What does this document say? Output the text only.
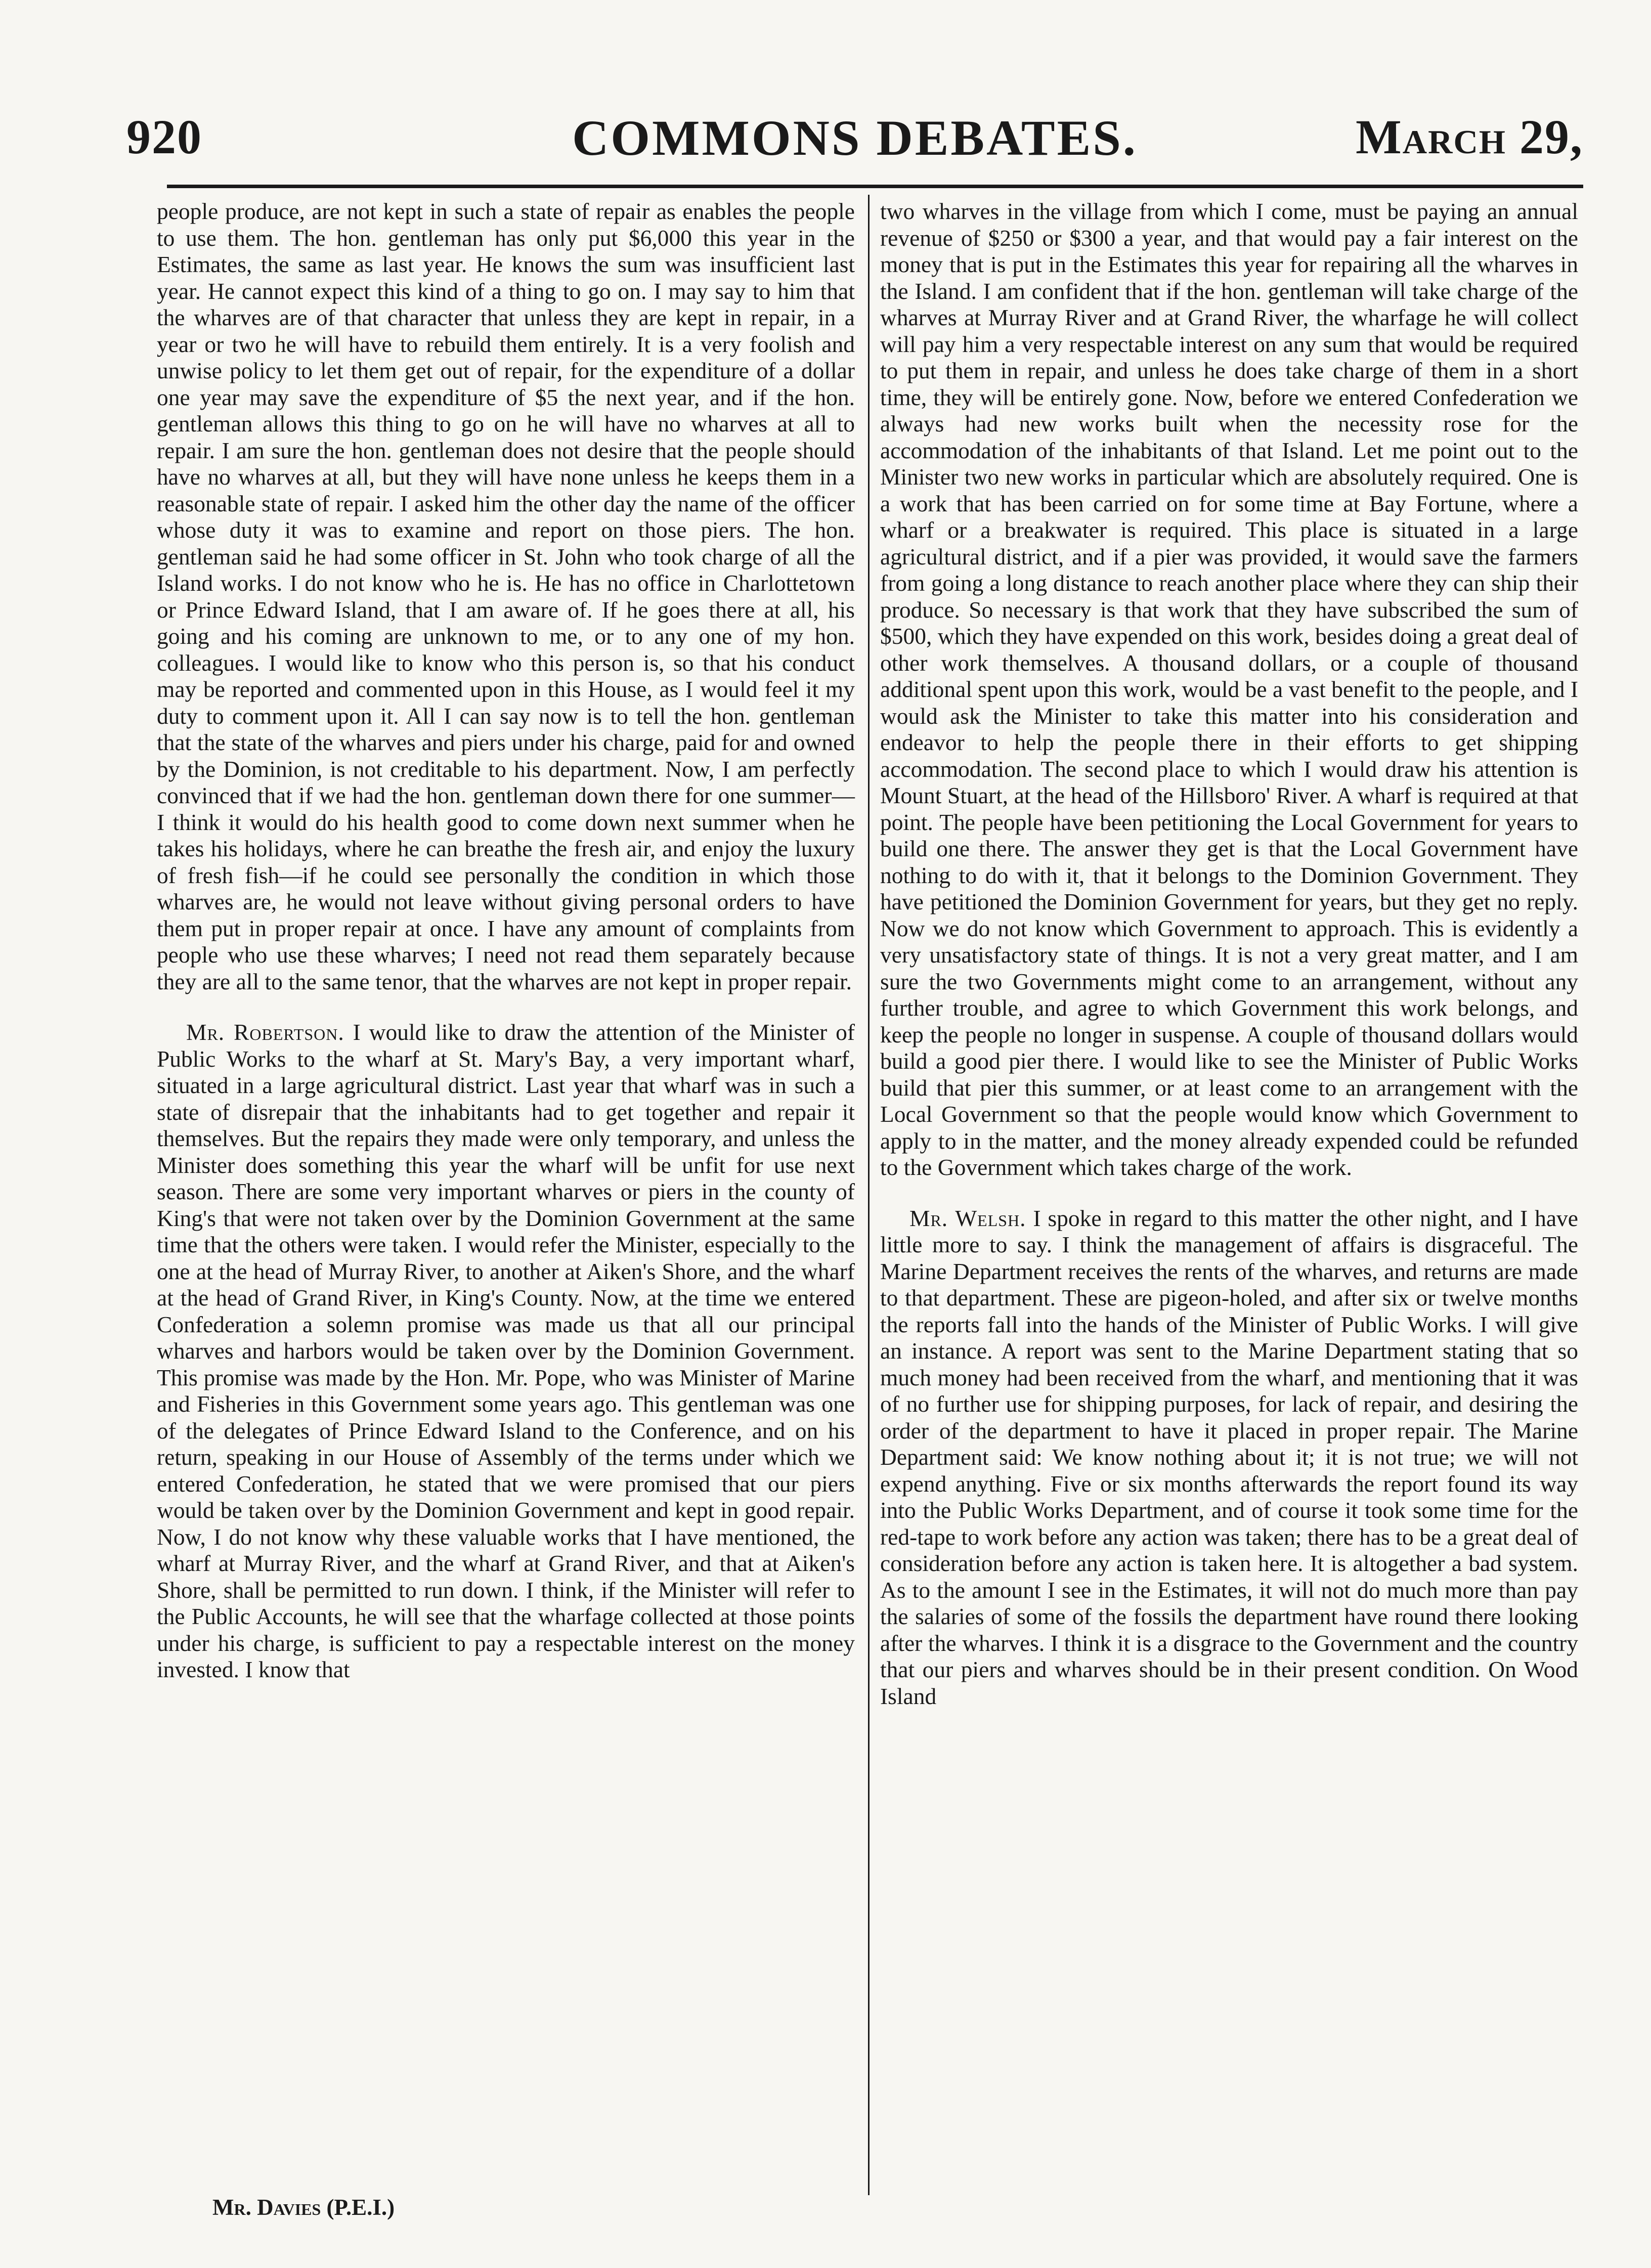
920	COMMONS DEBATES.	March 29,

people produce, are not kept in such a state of repair as enables the people to use them. The hon. gentleman has only put $6,000 this year in the Estimates, the same as last year. He knows the sum was insufficient last year. He cannot expect this kind of a thing to go on. I may say to him that the wharves are of that character that unless they are kept in repair, in a year or two he will have to rebuild them entirely. It is a very foolish and unwise policy to let them get out of repair, for the expenditure of a dollar one year may save the expenditure of $5 the next year, and if the hon. gentleman allows this thing to go on he will have no wharves at all to repair. I am sure the hon. gentleman does not desire that the people should have no wharves at all, but they will have none unless he keeps them in a reasonable state of repair. I asked him the other day the name of the officer whose duty it was to examine and report on those piers. The hon. gentleman said he had some officer in St. John who took charge of all the Island works. I do not know who he is. He has no office in Charlottetown or Prince Edward Island, that I am aware of. If he goes there at all, his going and his coming are unknown to me, or to any one of my hon. colleagues. I would like to know who this person is, so that his conduct may be reported and commented upon in this House, as I would feel it my duty to comment upon it. All I can say now is to tell the hon. gentleman that the state of the wharves and piers under his charge, paid for and owned by the Dominion, is not creditable to his department. Now, I am perfectly convinced that if we had the hon. gentleman down there for one summer—I think it would do his health good to come down next summer when he takes his holidays, where he can breathe the fresh air, and enjoy the luxury of fresh fish—if he could see personally the condition in which those wharves are, he would not leave without giving personal orders to have them put in proper repair at once. I have any amount of complaints from people who use these wharves; I need not read them separately because they are all to the same tenor, that the wharves are not kept in proper repair.

Mr. Robertson. I would like to draw the attention of the Minister of Public Works to the wharf at St. Mary's Bay, a very important wharf, situated in a large agricultural district. Last year that wharf was in such a state of disrepair that the inhabitants had to get together and repair it themselves. But the repairs they made were only temporary, and unless the Minister does something this year the wharf will be unfit for use next season. There are some very important wharves or piers in the county of King's that were not taken over by the Dominion Government at the same time that the others were taken. I would refer the Minister, especially to the one at the head of Murray River, to another at Aiken's Shore, and the wharf at the head of Grand River, in King's County. Now, at the time we entered Confederation a solemn promise was made us that all our principal wharves and harbors would be taken over by the Dominion Government. This promise was made by the Hon. Mr. Pope, who was Minister of Marine and Fisheries in this Government some years ago. This gentleman was one of the delegates of Prince Edward Island to the Conference, and on his return, speaking in our House of Assembly of the terms under which we entered Confederation, he stated that we were promised that our piers would be taken over by the Dominion Government and kept in good repair. Now, I do not know why these valuable works that I have mentioned, the wharf at Murray River, and the wharf at Grand River, and that at Aiken's Shore, shall be permitted to run down. I think, if the Minister will refer to the Public Accounts, he will see that the wharfage collected at those points under his charge, is sufficient to pay a respectable interest on the money invested. I know that

two wharves in the village from which I come, must be paying an annual revenue of $250 or $300 a year, and that would pay a fair interest on the money that is put in the Estimates this year for repairing all the wharves in the Island. I am confident that if the hon. gentleman will take charge of the wharves at Murray River and at Grand River, the wharfage he will collect will pay him a very respectable interest on any sum that would be required to put them in repair, and unless he does take charge of them in a short time, they will be entirely gone. Now, before we entered Confederation we always had new works built when the necessity rose for the accommodation of the inhabitants of that Island. Let me point out to the Minister two new works in particular which are absolutely required. One is a work that has been carried on for some time at Bay Fortune, where a wharf or a breakwater is required. This place is situated in a large agricultural district, and if a pier was provided, it would save the farmers from going a long distance to reach another place where they can ship their produce. So necessary is that work that they have subscribed the sum of $500, which they have expended on this work, besides doing a great deal of other work themselves. A thousand dollars, or a couple of thousand additional spent upon this work, would be a vast benefit to the people, and I would ask the Minister to take this matter into his consideration and endeavor to help the people there in their efforts to get shipping accommodation. The second place to which I would draw his attention is Mount Stuart, at the head of the Hillsboro' River. A wharf is required at that point. The people have been petitioning the Local Government for years to build one there. The answer they get is that the Local Government have nothing to do with it, that it belongs to the Dominion Government. They have petitioned the Dominion Government for years, but they get no reply. Now we do not know which Government to approach. This is evidently a very unsatisfactory state of things. It is not a very great matter, and I am sure the two Governments might come to an arrangement, without any further trouble, and agree to which Government this work belongs, and keep the people no longer in suspense. A couple of thousand dollars would build a good pier there. I would like to see the Minister of Public Works build that pier this summer, or at least come to an arrangement with the Local Government so that the people would know which Government to apply to in the matter, and the money already expended could be refunded to the Government which takes charge of the work.

Mr. Welsh. I spoke in regard to this matter the other night, and I have little more to say. I think the management of affairs is disgraceful. The Marine Department receives the rents of the wharves, and returns are made to that department. These are pigeon-holed, and after six or twelve months the reports fall into the hands of the Minister of Public Works. I will give an instance. A report was sent to the Marine Department stating that so much money had been received from the wharf, and mentioning that it was of no further use for shipping purposes, for lack of repair, and desiring the order of the department to have it placed in proper repair. The Marine Department said: We know nothing about it; it is not true; we will not expend anything. Five or six months afterwards the report found its way into the Public Works Department, and of course it took some time for the red-tape to work before any action was taken; there has to be a great deal of consideration before any action is taken here. It is altogether a bad system. As to the amount I see in the Estimates, it will not do much more than pay the salaries of some of the fossils the department have round there looking after the wharves. I think it is a disgrace to the Government and the country that our piers and wharves should be in their present condition. On Wood Island

Mr. Davies (P.E.I.)
